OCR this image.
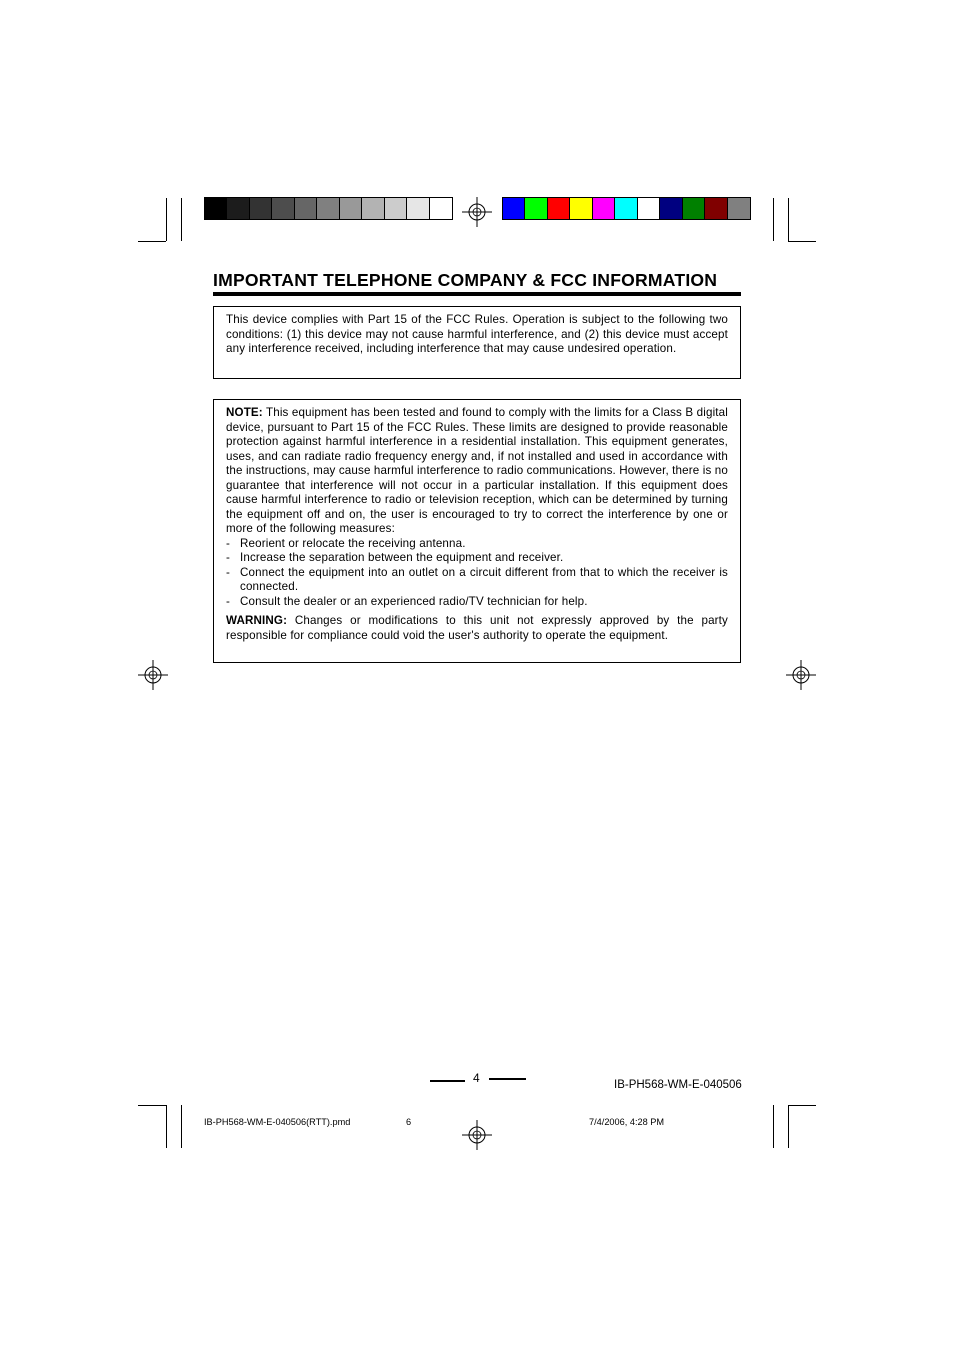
IMPORTANT TELEPHONE COMPANY & FCC INFORMATION

This device complies with Part 15 of the FCC Rules. Operation is subject to the following two conditions: (1) this device may not cause harmful interference, and (2) this device must accept any interference received, including interference that may cause undesired operation.

NOTE: This equipment has been tested and found to comply with the limits for a Class B digital device, pursuant to Part 15 of the FCC Rules. These limits are designed to provide reasonable protection against harmful interference in a residential installation. This equipment generates, uses, and can radiate radio frequency energy and, if not installed and used in accordance with the instructions, may cause harmful interference to radio communications. However, there is no guarantee that interference will not occur in a particular installation. If this equipment does cause harmful interference to radio or television reception, which can be determined by turning the equipment off and on, the user is encouraged to try to correct the interference by one or more of the following measures:

- Reorient or relocate the receiving antenna.
- Increase the separation between the equipment and receiver.
- Connect the equipment into an outlet on a circuit different from that to which the receiver is connected.
- Consult the dealer or an experienced radio/TV technician for help.

WARNING: Changes or modifications to this unit not expressly approved by the party responsible for compliance could void the user's authority to operate the equipment.

4	IB-PH568-WM-E-040506
IB-PH568-WM-E-040506(RTT).pmd	6	7/4/2006, 4:28 PM
